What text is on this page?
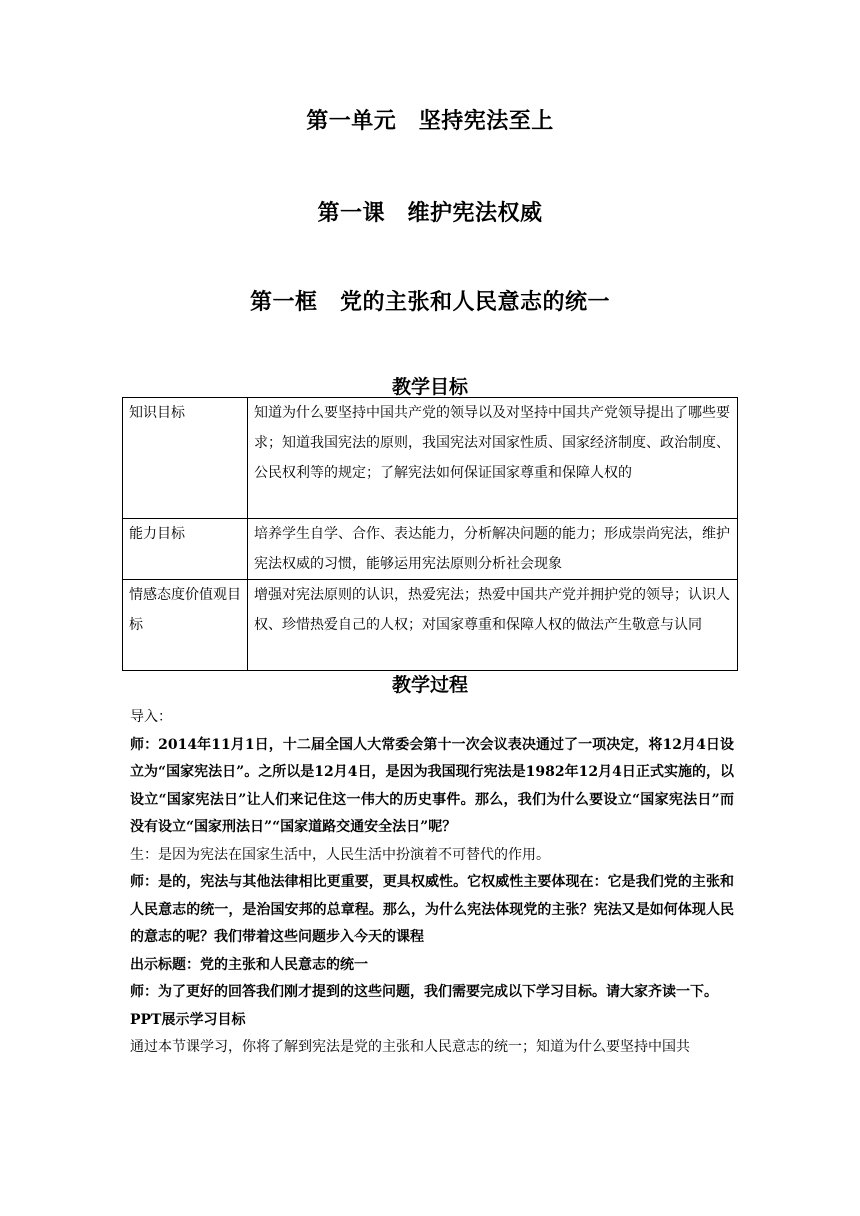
第一单元　坚持宪法至上
第一课　维护宪法权威
第一框　党的主张和人民意志的统一
教学目标
知识目标	知道为什么要坚持中国共产党的领导以及对坚持中国共产党领导提出了哪些要求；知道我国宪法的原则，我国宪法对国家性质、国家经济制度、政治制度、公民权利等的规定；了解宪法如何保证国家尊重和保障人权的
能力目标	培养学生自学、合作、表达能力，分析解决问题的能力；形成崇尚宪法，维护宪法权威的习惯，能够运用宪法原则分析社会现象
情感态度价值观目标	增强对宪法原则的认识，热爱宪法；热爱中国共产党并拥护党的领导；认识人权、珍惜热爱自己的人权；对国家尊重和保障人权的做法产生敬意与认同
教学过程

导入：

师：2014年11月1日，十二届全国人大常委会第十一次会议表决通过了一项决定，将12月4日设立为“国家宪法日”。之所以是12月4日，是因为我国现行宪法是1982年12月4日正式实施的，以设立“国家宪法日”让人们来记住这一伟大的历史事件。那么，我们为什么要设立“国家宪法日”而没有设立“国家刑法日”“国家道路交通安全法日”呢？

生：是因为宪法在国家生活中，人民生活中扮演着不可替代的作用。

师：是的，宪法与其他法律相比更重要，更具权威性。它权威性主要体现在：它是我们党的主张和人民意志的统一，是治国安邦的总章程。那么，为什么宪法体现党的主张？宪法又是如何体现人民的意志的呢？我们带着这些问题步入今天的课程

出示标题：党的主张和人民意志的统一

师：为了更好的回答我们刚才提到的这些问题，我们需要完成以下学习目标。请大家齐读一下。

PPT展示学习目标

通过本节课学习，你将了解到宪法是党的主张和人民意志的统一；知道为什么要坚持中国共
